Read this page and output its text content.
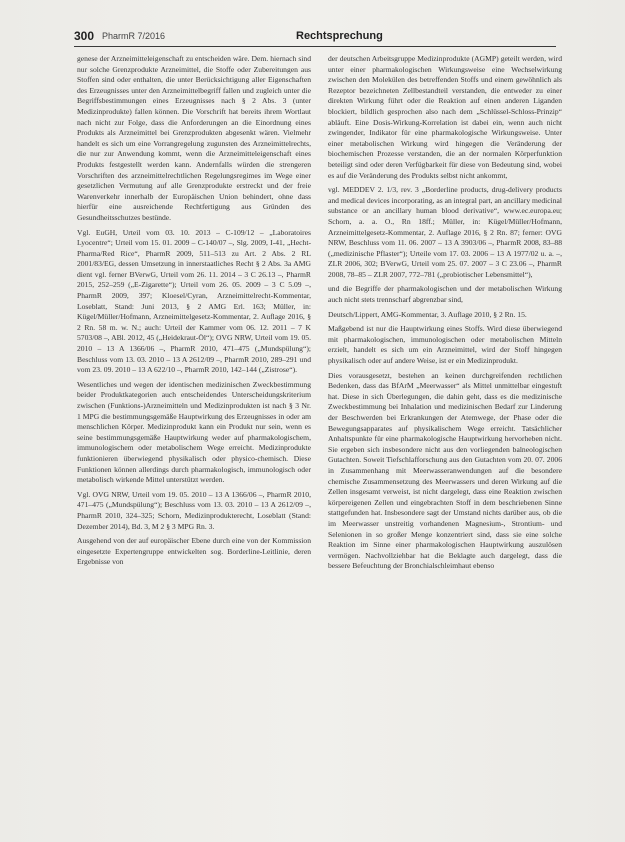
300 PharmR 7/2016	Rechtsprechung

genese der Arzneimitteleigenschaft zu entscheiden wäre. Dem. hiernach sind nur solche Grenzprodukte Arzneimittel, die Stoffe oder Zubereitungen aus Stoffen sind oder enthalten, die unter Berücksichtigung aller Eigenschaften des Erzeugnisses unter den Arzneimittelbegriff fallen und zugleich unter die Begriffsbestimmungen eines Erzeugnisses nach § 2 Abs. 3 (unter Medizinprodukte) fallen können. Die Vorschrift hat bereits ihrem Wortlaut nach nicht zur Folge, dass die Anforderungen an die Einordnung eines Produkts als Arzneimittel bei Grenzprodukten abgesenkt wären. Vielmehr handelt es sich um eine Vorrangregelung zugunsten des Arzneimittelrechts, die nur zur Anwendung kommt, wenn die Arzneimitteleigenschaft eines Produkts festgestellt werden kann. Andernfalls würden die strengeren Vorschriften des arzneimittelrechtlichen Regelungsregimes im Wege einer gesetzlichen Vermutung auf alle Grenzprodukte erstreckt und der freie Warenverkehr innerhalb der Europäischen Union behindert, ohne dass hierfür eine ausreichende Rechtfertigung aus Gründen des Gesundheitsschutzes bestünde.

Vgl. EuGH, Urteil vom 03. 10. 2013 – C-109/12 – „Laboratoires Lyocentre“; Urteil vom 15. 01. 2009 – C-140/07 –, Slg. 2009, I-41, „Hecht-Pharma/Red Rice“, PharmR 2009, 511–513 zu Art. 2 Abs. 2 RL 2001/83/EG, dessen Umsetzung in innerstaatliches Recht § 2 Abs. 3a AMG dient vgl. ferner BVerwG, Urteil vom 26. 11. 2014 – 3 C 26.13 –, PharmR 2015, 252–259 („E-Zigarette“); Urteil vom 26. 05. 2009 – 3 C 5.09 –, PharmR 2009, 397; Kloesel/Cyran, Arzneimittelrecht-Kommentar, Loseblatt, Stand: Juni 2013, § 2 AMG Erl. 163; Müller, in: Kügel/Müller/Hofmann, Arzneimittelgesetz-Kommentar, 2. Auflage 2016, § 2 Rn. 58 m. w. N.; auch: Urteil der Kammer vom 06. 12. 2011 – 7 K 5703/08 –, ABl. 2012, 45 („Heidekraut-Öl“); OVG NRW, Urteil vom 19. 05. 2010 – 13 A 1366/06 –, PharmR 2010, 471–475 („Mundspülung“); Beschluss vom 13. 03. 2010 – 13 A 2612/09 –, PharmR 2010, 289–291 und vom 23. 09. 2010 – 13 A 622/10 –, PharmR 2010, 142–144 („Zistrose“).

Wesentliches und wegen der identischen medizinischen Zweckbestimmung beider Produktkategorien auch entscheidendes Unterscheidungskriterium zwischen (Funktions-)Arzneimitteln und Medizinprodukten ist nach § 3 Nr. 1 MPG die bestimmungsgemäße Hauptwirkung des Erzeugnisses in oder am menschlichen Körper. Medizinprodukt kann ein Produkt nur sein, wenn es seine bestimmungsgemäße Hauptwirkung weder auf pharmakologischem, immunologischem oder metabolischem Wege erreicht. Medizinprodukte funktionieren überwiegend physikalisch oder physico-chemisch. Diese Funktionen können allerdings durch pharmakologisch, immunologisch oder metabolisch wirkende Mittel unterstützt werden.

Vgl. OVG NRW, Urteil vom 19. 05. 2010 – 13 A 1366/06 –, PharmR 2010, 471–475 („Mundspülung“); Beschluss vom 13. 03. 2010 – 13 A 2612/09 –, PharmR 2010, 324–325; Schorn, Medizinprodukterecht, Loseblatt (Stand: Dezember 2014), Bd. 3, M 2 § 3 MPG Rn. 3.

Ausgehend von der auf europäischer Ebene durch eine von der Kommission eingesetzte Expertengruppe entwickelten sog. Borderline-Leitlinie, deren Ergebnisse von

der deutschen Arbeitsgruppe Medizinprodukte (AGMP) geteilt werden, wird unter einer pharmakologischen Wirkungsweise eine Wechselwirkung zwischen den Molekülen des betreffenden Stoffs und einem gewöhnlich als Rezeptor bezeichneten Zellbestandteil verstanden, die entweder zu einer direkten Wirkung führt oder die Reaktion auf einen anderen Liganden blockiert, bildlich gesprochen also nach dem „Schlüssel-Schloss-Prinzip“ abläuft. Eine Dosis-Wirkung-Korrelation ist dabei ein, wenn auch nicht zwingender, Indikator für eine pharmakologische Wirkungsweise. Unter einer metabolischen Wirkung wird hingegen die Veränderung der biochemischen Prozesse verstanden, die an der normalen Körperfunktion beteiligt sind oder deren Verfügbarkeit für diese von Bedeutung sind, wobei es auf die Veränderung des Produkts selbst nicht ankommt,

vgl. MEDDEV 2. 1/3, rev. 3 „Borderline products, drug-delivery products and medical devices incorporating, as an integral part, an ancillary medicinal substance or an ancillary human blood derivative“, www.ec.europa.eu; Schorn, a. a. O., Rn 18ff.; Müller, in: Kügel/Müller/Hofmann, Arzneimittelgesetz-Kommentar, 2. Auflage 2016, § 2 Rn. 87; ferner: OVG NRW, Beschluss vom 11. 06. 2007 – 13 A 3903/06 –, PharmR 2008, 83–88 („medizinische Pflaster“); Urteile vom 17. 03. 2006 – 13 A 1977/02 u. a. –, ZLR 2006, 302; BVerwG, Urteil vom 25. 07. 2007 – 3 C 23.06 –, PharmR 2008, 78–85 – ZLR 2007, 772–781 („probiotischer Lebensmittel“),

und die Begriffe der pharmakologischen und der metabolischen Wirkung auch nicht stets trennscharf abgrenzbar sind,

Deutsch/Lippert, AMG-Kommentar, 3. Auflage 2010, § 2 Rn. 15.

Maßgebend ist nur die Hauptwirkung eines Stoffs. Wird diese überwiegend mit pharmakologischen, immunologischen oder metabolischen Mitteln erzielt, handelt es sich um ein Arzneimittel, wird der Stoff hingegen physikalisch oder auf andere Weise, ist er ein Medizinprodukt.

Dies vorausgesetzt, bestehen an keinen durchgreifenden rechtlichen Bedenken, dass das BfArM „Meerwasser“ als Mittel unmittelbar eingestuft hat. Diese in sich Überlegungen, die dahin geht, dass es die medizinische Zweckbestimmung bei Inhalation und medizinischen Bedarf zur Linderung der Beschwerden bei Erkrankungen der Atemwege, der Phase oder die Bewegungsapparates auf physikalischem Wege erreicht. Tatsächlicher Anhaltspunkte für eine pharmakologische Hauptwirkung hervorheben nicht. Sie ergeben sich insbesondere nicht aus den vorliegenden balneologischen Gutachten. Soweit Tiefschlafforschung aus den Gutachten vom 20. 07. 2006 in Zusammenhang mit Meerwasseranwendungen auf die besondere chemische Zusammensetzung des Meerwassers und deren Wirkung auf die Zellen insgesamt verweist, ist nicht dargelegt, dass eine Reaktion zwischen körpereigenen Zellen und eingebrachten Stoff in dem beschriebenen Sinne stattgefunden hat. Insbesondere sagt der Umstand nichts darüber aus, ob die im Meerwasser unstreitig vorhandenen Magnesium-, Strontium- und Selenionen in so großer Menge konzentriert sind, dass sie eine solche Reaktion im Sinne einer pharmakologischen Hauptwirkung auszulösen vermögen. Nachvollziehbar hat die Beklagte auch dargelegt, dass die bessere Befeuchtung der Bronchialschleimhaut ebenso
